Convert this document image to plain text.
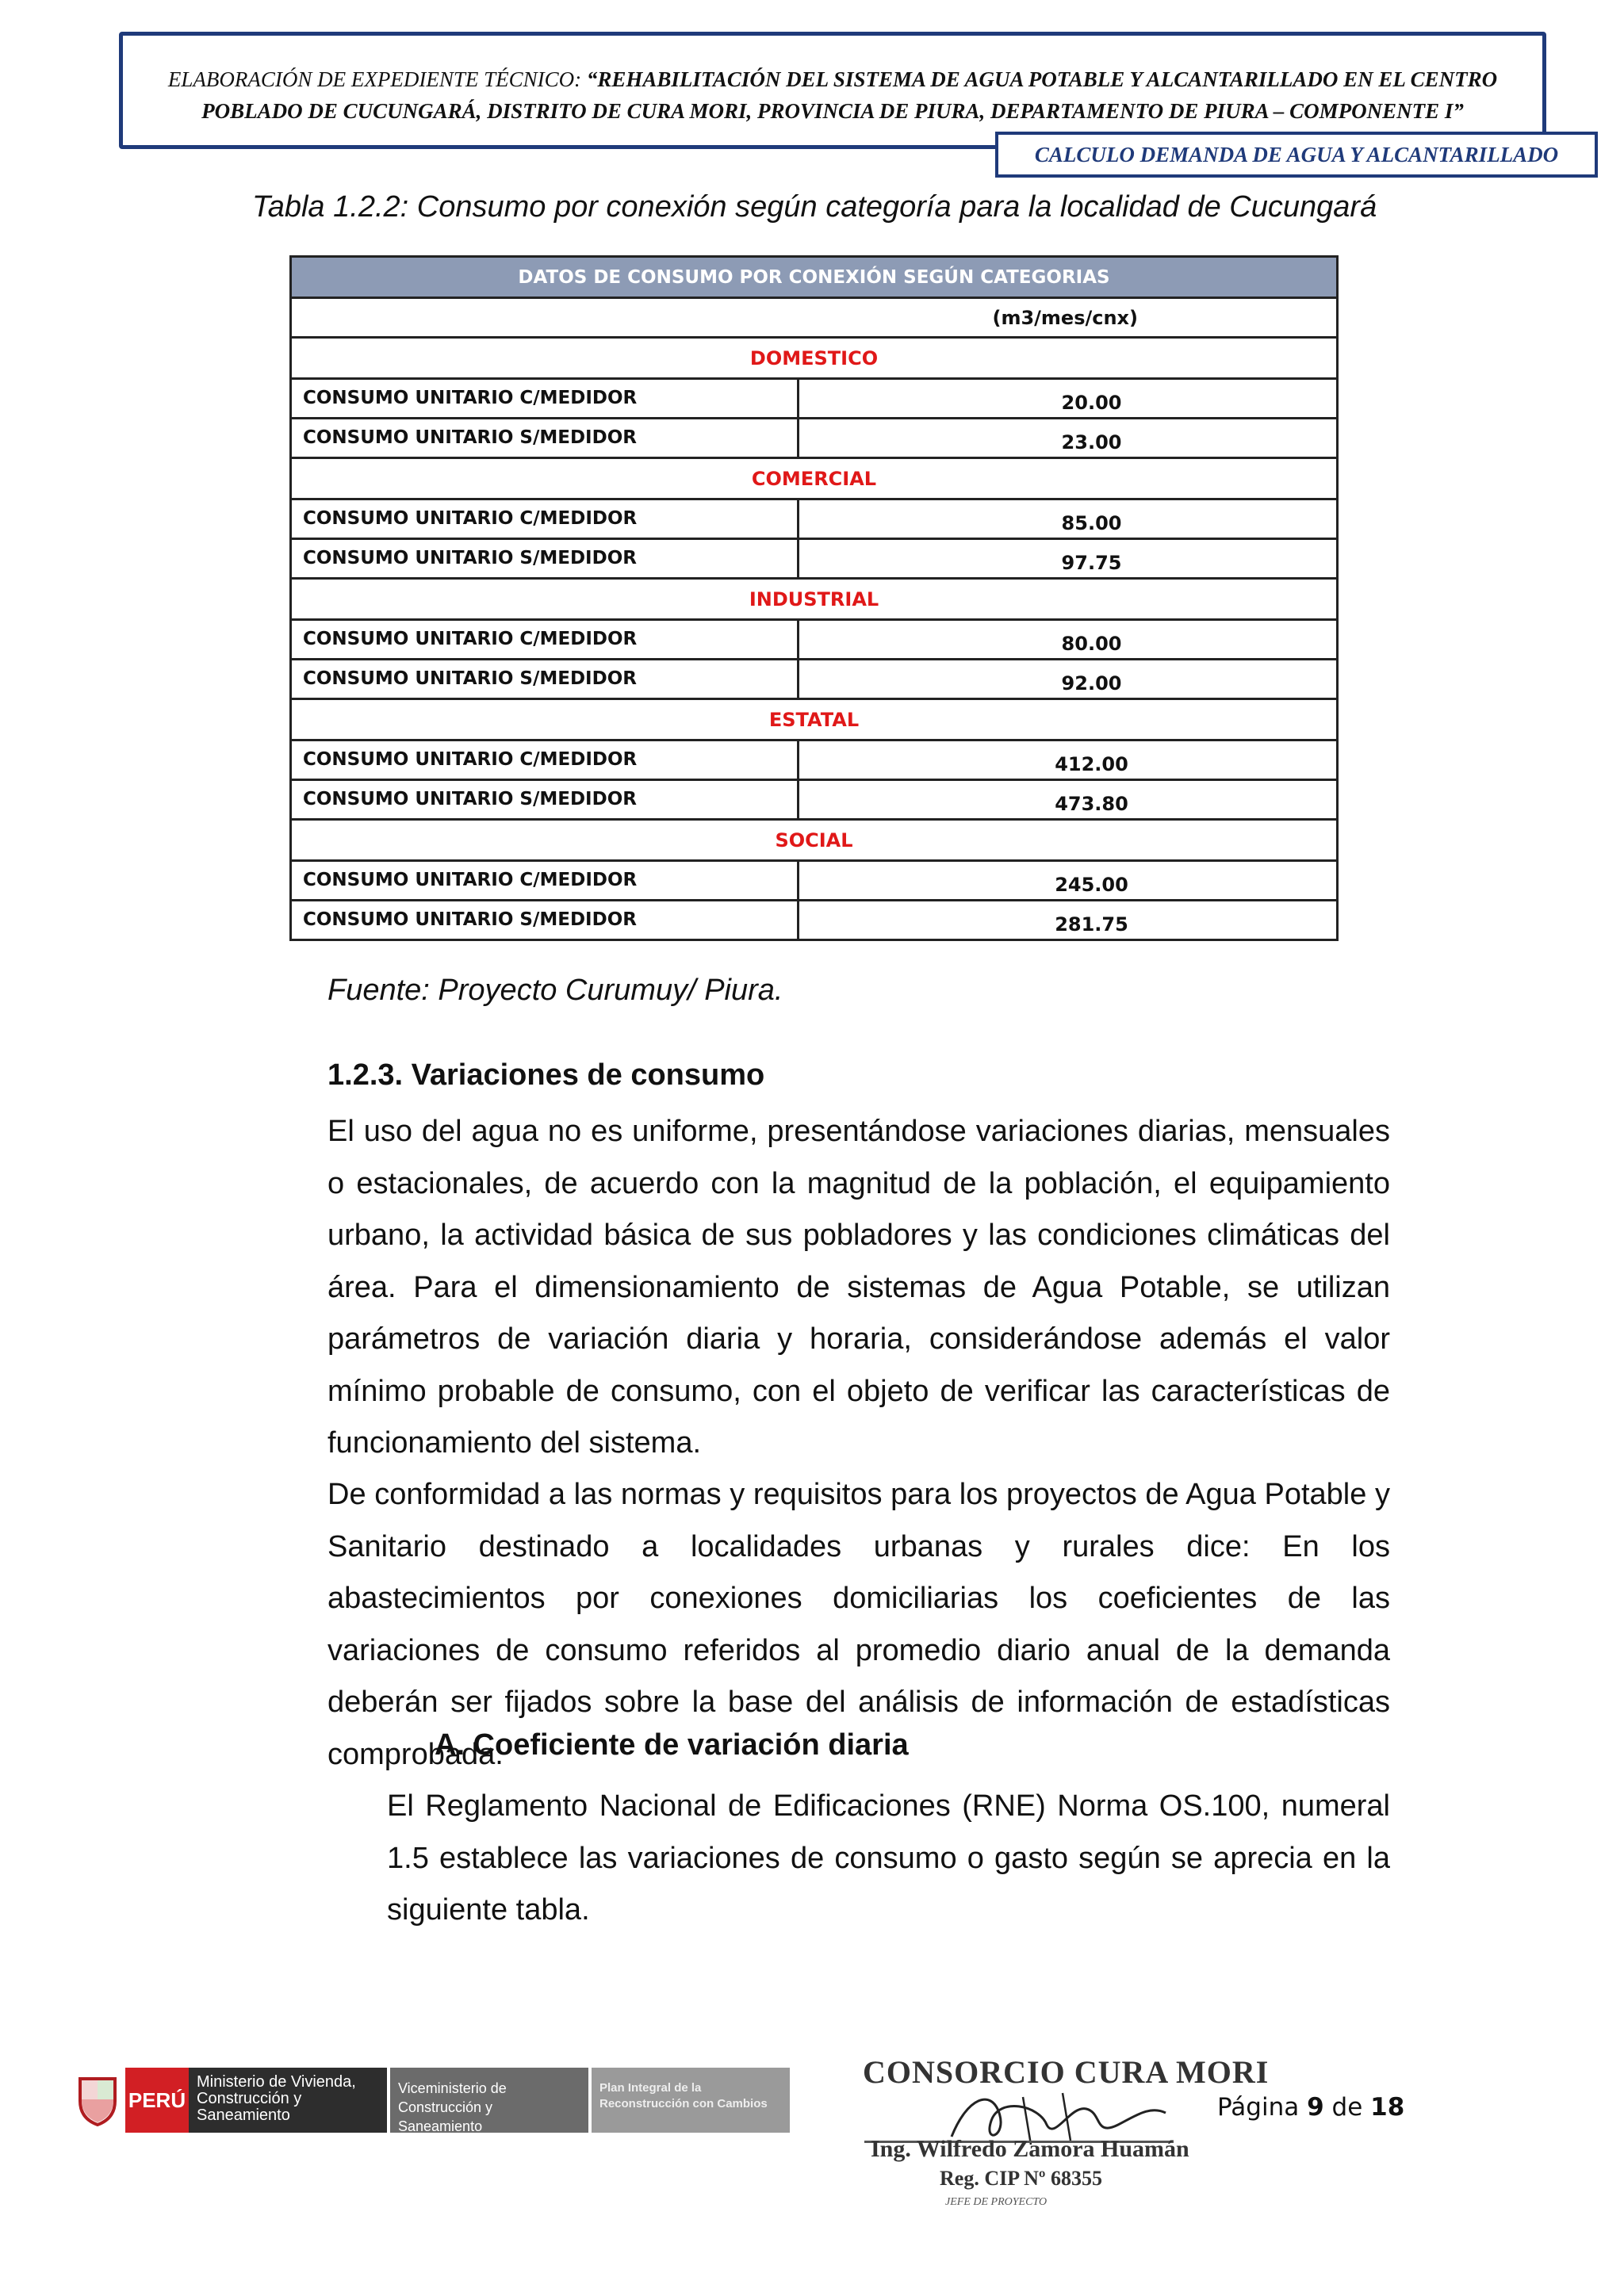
ELABORACIÓN DE EXPEDIENTE TÉCNICO: “REHABILITACIÓN DEL SISTEMA DE AGUA POTABLE Y ALCANTARILLADO EN EL CENTRO
POBLADO DE CUCUNGARÁ, DISTRITO DE CURA MORI, PROVINCIA DE PIURA, DEPARTAMENTO DE PIURA – COMPONENTE I”
CALCULO DEMANDA DE AGUA Y ALCANTARILLADO
Tabla 1.2.2: Consumo por conexión según categoría para la localidad de Cucungará
DATOS DE CONSUMO POR CONEXIÓN SEGÚN CATEGORIAS	
(m3/mes/cnx)	
DOMESTICO	
CONSUMO UNITARIO C/MEDIDOR	20.00
CONSUMO UNITARIO S/MEDIDOR	23.00
COMERCIAL	
CONSUMO UNITARIO C/MEDIDOR	85.00
CONSUMO UNITARIO S/MEDIDOR	97.75
INDUSTRIAL	
CONSUMO UNITARIO C/MEDIDOR	80.00
CONSUMO UNITARIO S/MEDIDOR	92.00
ESTATAL	
CONSUMO UNITARIO C/MEDIDOR	412.00
CONSUMO UNITARIO S/MEDIDOR	473.80
SOCIAL	
CONSUMO UNITARIO C/MEDIDOR	245.00
CONSUMO UNITARIO S/MEDIDOR	281.75
Fuente: Proyecto Curumuy/ Piura.
1.2.3. Variaciones de consumo
El uso del agua no es uniforme, presentándose variaciones diarias, mensuales o estacionales, de acuerdo con la magnitud de la población, el equipamiento urbano, la actividad básica de sus pobladores y las condiciones climáticas del área. Para el dimensionamiento de sistemas de Agua Potable, se utilizan parámetros de variación diaria y horaria, considerándose además el valor mínimo probable de consumo, con el objeto de verificar las características de funcionamiento del sistema.
De conformidad a las normas y requisitos para los proyectos de Agua Potable y Sanitario destinado a localidades urbanas y rurales dice: En los abastecimientos por conexiones domiciliarias los coeficientes de las variaciones de consumo referidos al promedio diario anual de la demanda deberán ser fijados sobre la base del análisis de información de estadísticas comprobada.
A. Coeficiente de variación diaria
El Reglamento Nacional de Edificaciones (RNE) Norma OS.100, numeral 1.5 establece las variaciones de consumo o gasto según se aprecia en la siguiente tabla.
PERÚ
Ministerio de Vivienda, Construcción y Saneamiento
Viceministerio de Construcción y Saneamiento
Plan Integral de la Reconstrucción con Cambios
CONSORCIO CURA MORI
Ing. Wilfredo Zamora Huamán
Reg. CIP Nº 68355
JEFE DE PROYECTO
Página 9 de 18
